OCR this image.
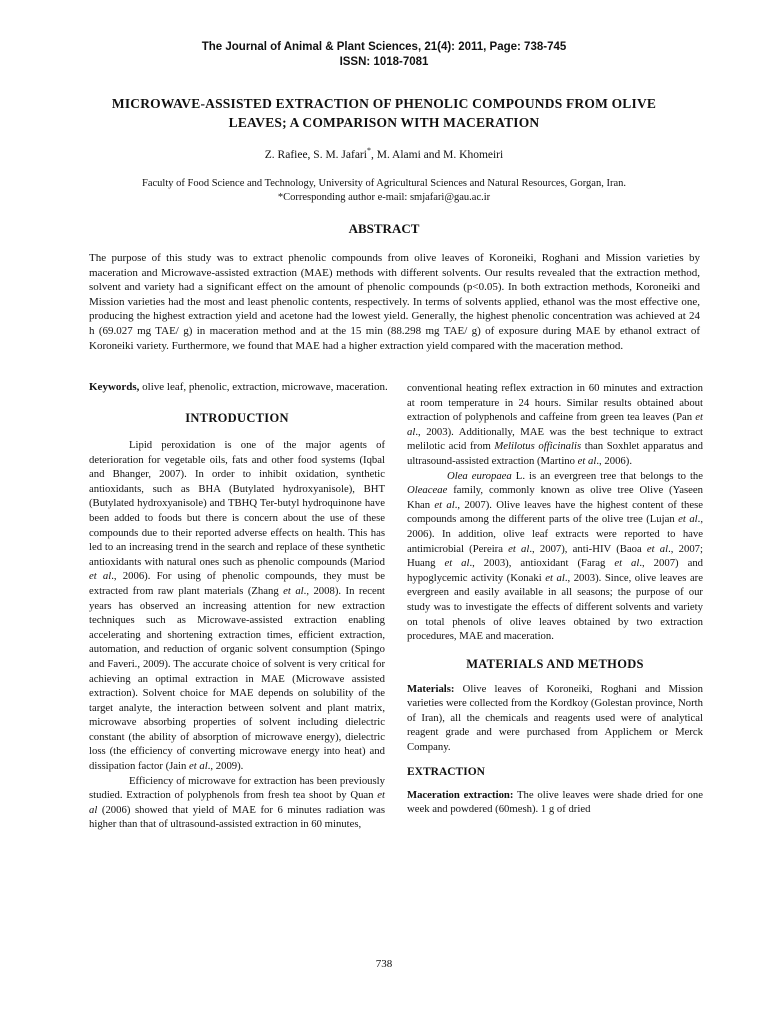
The Journal of Animal & Plant Sciences, 21(4): 2011, Page: 738-745
ISSN: 1018-7081
MICROWAVE-ASSISTED EXTRACTION OF PHENOLIC COMPOUNDS FROM OLIVE
LEAVES; A COMPARISON WITH MACERATION
Z. Rafiee, S. M. Jafari*, M. Alami and M. Khomeiri
Faculty of Food Science and Technology, University of Agricultural Sciences and Natural Resources, Gorgan, Iran.
*Corresponding author e-mail: smjafari@gau.ac.ir
ABSTRACT

The purpose of this study was to extract phenolic compounds from olive leaves of Koroneiki, Roghani and Mission varieties by maceration and Microwave-assisted extraction (MAE) methods with different solvents. Our results revealed that the extraction method, solvent and variety had a significant effect on the amount of phenolic compounds (p<0.05). In both extraction methods, Koroneiki and Mission varieties had the most and least phenolic contents, respectively. In terms of solvents applied, ethanol was the most effective one, producing the highest extraction yield and acetone had the lowest yield. Generally, the highest phenolic concentration was achieved at 24 h (69.027 mg TAE/ g) in maceration method and at the 15 min (88.298 mg TAE/ g) of exposure during MAE by ethanol extract of Koroneiki variety. Furthermore, we found that MAE had a higher extraction yield compared with the maceration method.

Keywords, olive leaf, phenolic, extraction, microwave, maceration.

INTRODUCTION

Lipid peroxidation is one of the major agents of deterioration for vegetable oils, fats and other food systems (Iqbal and Bhanger, 2007). In order to inhibit oxidation, synthetic antioxidants, such as BHA (Butylated hydroxyanisole), BHT (Butylated hydroxyanisole) and TBHQ Ter-butyl hydroquinone have been added to foods but there is concern about the use of these compounds due to their reported adverse effects on health. This has led to an increasing trend in the search and replace of these synthetic antioxidants with natural ones such as phenolic compounds (Mariod et al., 2006). For using of phenolic compounds, they must be extracted from raw plant materials (Zhang et al., 2008). In recent years has observed an increasing attention for new extraction techniques such as Microwave-assisted extraction enabling accelerating and shortening extraction times, efficient extraction, automation, and reduction of organic solvent consumption (Spingo and Faveri., 2009). The accurate choice of solvent is very critical for achieving an optimal extraction in MAE (Microwave assisted extraction). Solvent choice for MAE depends on solubility of the target analyte, the interaction between solvent and plant matrix, microwave absorbing properties of solvent including dielectric constant (the ability of absorption of microwave energy), dielectric loss (the efficiency of converting microwave energy into heat) and dissipation factor (Jain et al., 2009).

Efficiency of microwave for extraction has been previously studied. Extraction of polyphenols from fresh tea shoot by Quan et al (2006) showed that yield of MAE for 6 minutes radiation was higher than that of ultrasound-assisted extraction in 60 minutes,

conventional heating reflex extraction in 60 minutes and extraction at room temperature in 24 hours. Similar results obtained about extraction of polyphenols and caffeine from green tea leaves (Pan et al., 2003). Additionally, MAE was the best technique to extract melilotic acid from Melilotus officinalis than Soxhlet apparatus and ultrasound-assisted extraction (Martino et al., 2006).

Olea europaea L. is an evergreen tree that belongs to the Oleaceae family, commonly known as olive tree Olive (Yaseen Khan et al., 2007). Olive leaves have the highest content of these compounds among the different parts of the olive tree (Lujan et al., 2006). In addition, olive leaf extracts were reported to have antimicrobial (Pereira et al., 2007), anti-HIV (Baoa et al., 2007; Huang et al., 2003), antioxidant (Farag et al., 2007) and hypoglycemic activity (Konaki et al., 2003). Since, olive leaves are evergreen and easily available in all seasons; the purpose of our study was to investigate the effects of different solvents and variety on total phenols of olive leaves obtained by two extraction procedures, MAE and maceration.

MATERIALS AND METHODS

Materials: Olive leaves of Koroneiki, Roghani and Mission varieties were collected from the Kordkoy (Golestan province, North of Iran), all the chemicals and reagents used were of analytical reagent grade and were purchased from Applichem or Merck Company.

EXTRACTION

Maceration extraction: The olive leaves were shade dried for one week and powdered (60mesh). 1 g of dried

738
